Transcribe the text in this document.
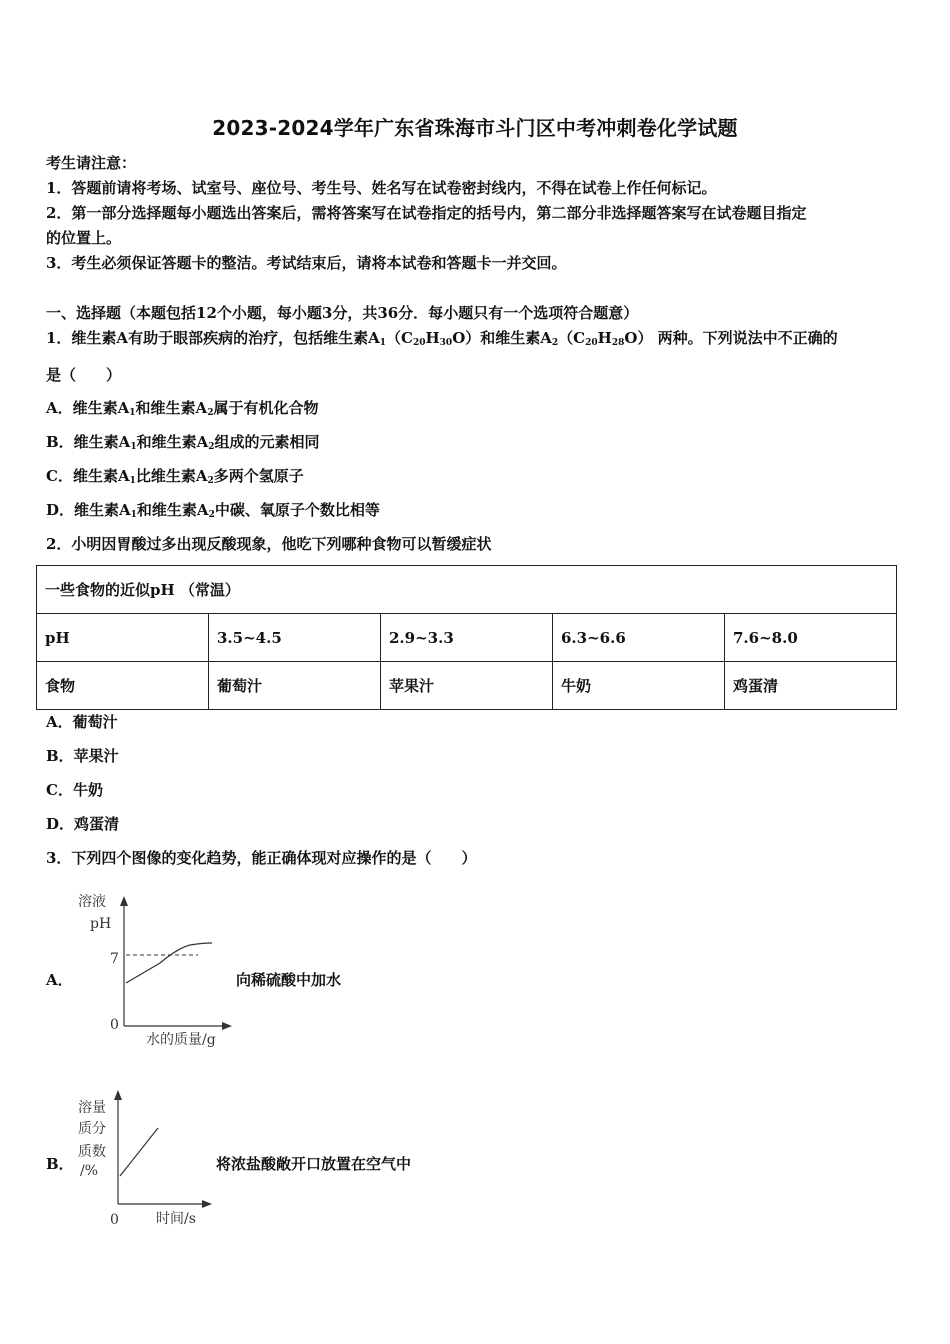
2023-2024学年广东省珠海市斗门区中考冲刺卷化学试题
考生请注意：
1．答题前请将考场、试室号、座位号、考生号、姓名写在试卷密封线内，不得在试卷上作任何标记。
2．第一部分选择题每小题选出答案后，需将答案写在试卷指定的括号内，第二部分非选择题答案写在试卷题目指定
的位置上。
3．考生必须保证答题卡的整洁。考试结束后，请将本试卷和答题卡一并交回。
一、选择题（本题包括12个小题，每小题3分，共36分．每小题只有一个选项符合题意）
1．维生素A有助于眼部疾病的治疗，包括维生素$A_1(C_{20}H_{30}O)$和维生素$A_2(C_{20}H_{28}O)$ 两种。下列说法中不正确的
是（　　）
A．维生素$A_1$和维生素$A_2$属于有机化合物
B．维生素$A_1$和维生素$A_2$组成的元素相同
C．维生素$A_1$比维生素$A_2$多两个氢原子
D．维生素$A_1$和维生素$A_2$中碳、氧原子个数比相等
2．小明因胃酸过多出现反酸现象，他吃下列哪种食物可以暂缓症状
一些食物的近似pH （常温）				
pH	3.5~4.5	2.9~3.3	6.3~6.6	7.6~8.0
食物	葡萄汁	苹果汁	牛奶	鸡蛋清
A．葡萄汁
B．苹果汁
C．牛奶
D．鸡蛋清
3．下列四个图像的变化趋势，能正确体现对应操作的是（　　）
A．
溶液
pH
7
0
水的质量/g
向稀硫酸中加水
B．
溶量
质分
质数
/%
0	时间/s
将浓盐酸敞开口放置在空气中
